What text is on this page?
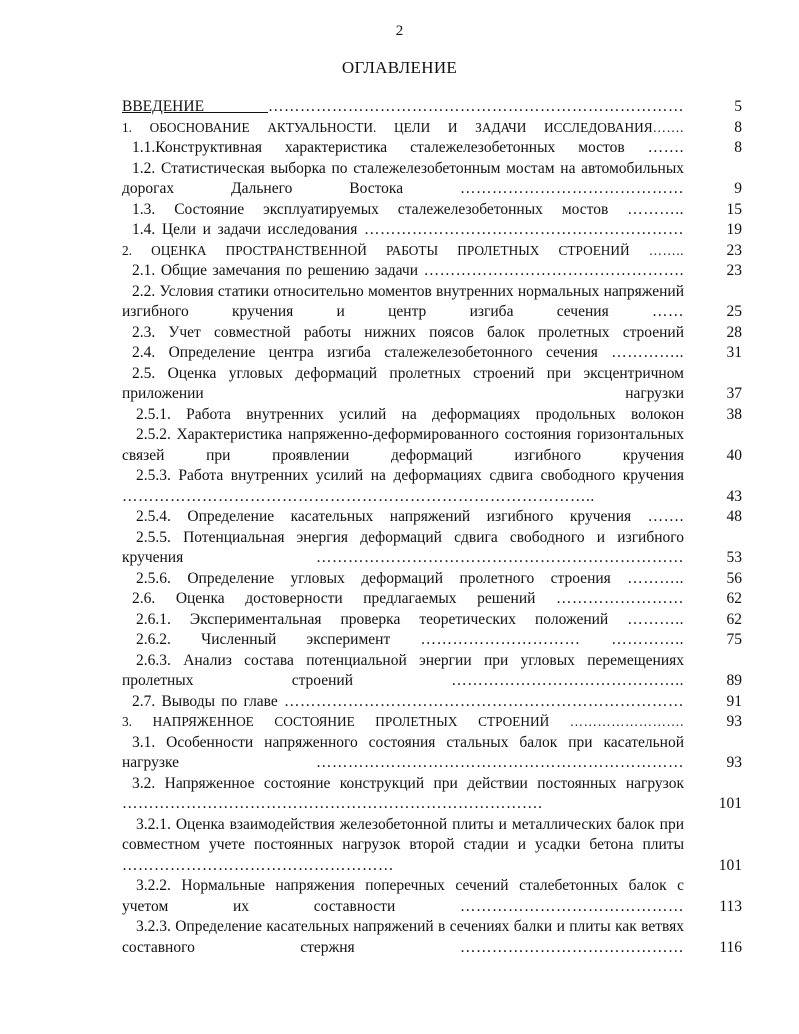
2
ОГЛАВЛЕНИЕ
ВВЕДЕНИЕ ……………………………………………………………………	5
1. ОБОСНОВАНИЕ АКТУАЛЬНОСТИ. ЦЕЛИ И ЗАДАЧИ ИССЛЕДОВАНИЯ…….	8
1.1.Конструктивная характеристика сталежелезобетонных мостов …….	8
1.2. Статистическая выборка по сталежелезобетонным мостам на автомобильных дорогах Дальнего Востока ……………………………………	9
1.3. Состояние эксплуатируемых сталежелезобетонных мостов ………..	15
1.4. Цели и задачи исследования ……………………………………………………	19
2. ОЦЕНКА ПРОСТРАНСТВЕННОЙ РАБОТЫ ПРОЛЕТНЫХ СТРОЕНИЙ ……..	23
2.1. Общие замечания по решению задачи ………………………………………….	23
2.2. Условия статики относительно моментов внутренних нормальных напряжений изгибного кручения и центр изгиба сечения ……	25
2.3. Учет совместной работы нижних поясов балок пролетных строений	28
2.4. Определение центра изгиба сталежелезобетонного сечения …………..	31
2.5. Оценка угловых деформаций пролетных строений при эксцентричном приложении нагрузки	37
2.5.1. Работа внутренних усилий на деформациях продольных волокон	38
2.5.2. Характеристика напряженно-деформированного состояния горизонтальных связей при проявлении деформаций изгибного кручения	40
2.5.3. Работа внутренних усилий на деформациях сдвига свободного кручения ……………………………………………………………………………..	43
2.5.4. Определение касательных напряжений изгибного кручения …….	48
2.5.5. Потенциальная энергия деформаций сдвига свободного и изгибного кручения ……………………………………………………………	53
2.5.6. Определение угловых деформаций пролетного строения ………..	56
2.6. Оценка достоверности предлагаемых решений ……………………	62
2.6.1. Экспериментальная проверка теоретических положений ………..	62
2.6.2. Численный эксперимент ………………………… …………..	75
2.6.3. Анализ состава потенциальной энергии при угловых перемещениях пролетных строений ……………………………………..	89
2.7. Выводы по главе …………………………………………………………………	91
3. НАПРЯЖЕННОЕ СОСТОЯНИЕ ПРОЛЕТНЫХ СТРОЕНИЙ …………………….	93
3.1. Особенности напряженного состояния стальных балок при касательной нагрузке ……………………………………………………………	93
3.2. Напряженное состояние конструкций при действии постоянных нагрузок …………………………………………………………………….	101
3.2.1. Оценка взаимодействия железобетонной плиты и металлических балок при совместном учете постоянных нагрузок второй стадии и усадки бетона плиты ……………………………………………	101
3.2.2. Нормальные напряжения поперечных сечений сталебетонных балок с учетом их составности ……………………………………	113
3.2.3. Определение касательных напряжений в сечениях балки и плиты как ветвях составного стержня ……………………………………	116
